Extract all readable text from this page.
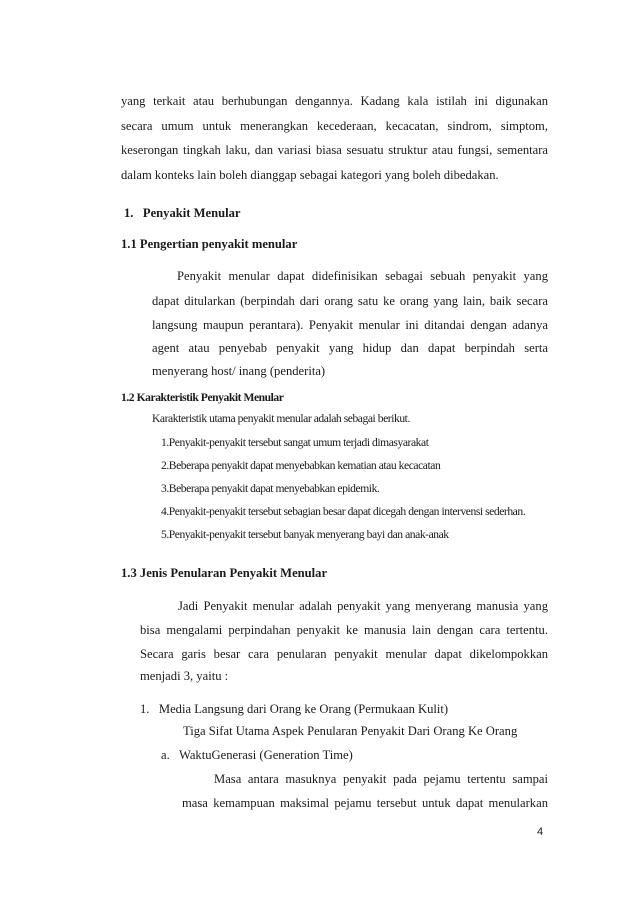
yang terkait atau berhubungan dengannya. Kadang kala istilah ini digunakan
secara umum untuk menerangkan kecederaan, kecacatan, sindrom, simptom,
keserongan tingkah laku, dan variasi biasa sesuatu struktur atau fungsi, sementara
dalam konteks lain boleh dianggap sebagai kategori yang boleh dibedakan.
1.   Penyakit Menular
1.1 Pengertian penyakit menular
Penyakit menular dapat didefinisikan sebagai sebuah penyakit yang
dapat ditularkan (berpindah dari orang satu ke orang yang lain, baik secara
langsung maupun perantara). Penyakit menular ini ditandai dengan adanya
agent atau penyebab penyakit yang hidup dan dapat berpindah serta
menyerang host/ inang (penderita)
1.2 Karakteristik Penyakit Menular
Karakteristik utama penyakit menular adalah sebagai berikut.
1.Penyakit-penyakit tersebut sangat umum terjadi dimasyarakat
2.Beberapa penyakit dapat menyebabkan kematian atau kecacatan
3.Beberapa penyakit dapat menyebabkan epidemik.
4.Penyakit-penyakit tersebut sebagian besar dapat dicegah dengan intervensi sederhan.
5.Penyakit-penyakit tersebut banyak menyerang bayi dan anak-anak
1.3 Jenis Penularan Penyakit Menular
Jadi Penyakit menular adalah penyakit yang menyerang manusia yang
bisa mengalami perpindahan penyakit ke manusia lain dengan cara tertentu.
Secara garis besar cara penularan penyakit menular dapat dikelompokkan
menjadi 3, yaitu :
1.   Media Langsung dari Orang ke Orang (Permukaan Kulit)
Tiga Sifat Utama Aspek Penularan Penyakit Dari Orang Ke Orang
a.   WaktuGenerasi (Generation Time)
Masa antara masuknya penyakit pada pejamu tertentu sampai
masa kemampuan maksimal pejamu tersebut untuk dapat menularkan
4
